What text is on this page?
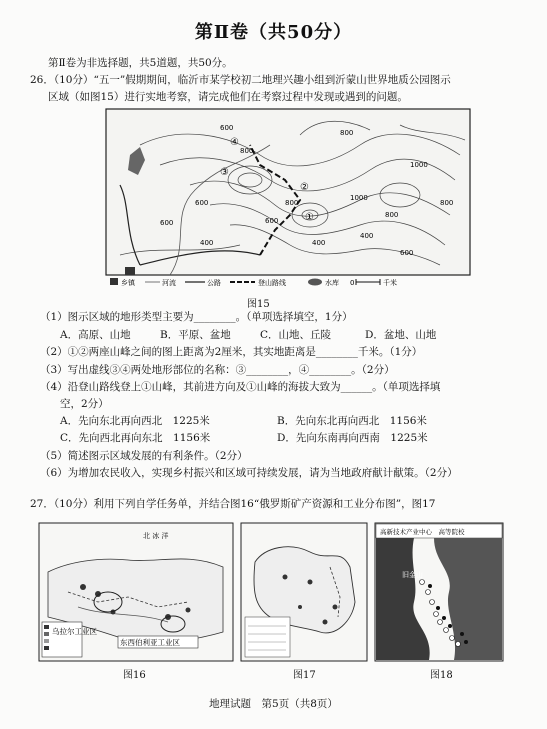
第Ⅱ卷（共50分）
第Ⅱ卷为非选择题，共5道题，共50分。
26．（10分）“五一”假期期间，临沂市某学校初二地理兴趣小组到沂蒙山世界地质公园图示
区域（如图15）进行实地考察，请完成他们在考察过程中发现或遇到的问题。
600
800
800
1000
1000
800
600
800
400
400
600	800
600
400
600
④
②
③
①
乡镇	河流	公路	登山路线	水库 0	千米
图15
（1）图示区域的地形类型主要为________。（单项选择填空，1分）
A．高原、山地	B．平原、盆地	C．山地、丘陵	D．盆地、山地
（2）①②两座山峰之间的图上距离为2厘米，其实地距离是________千米。（1分）
（3）写出虚线③④两处地形部位的名称：③________，④________。（2分）
（4）沿登山路线登上①山峰，其前进方向及①山峰的海拔大致为______。（单项选择填
空，2分）
A．先向东北再向西北　1225米	B．先向东北再向西北　1156米
C．先向西北再向东北　1156米	D．先向东南再向西南　1225米
（5）简述图示区域发展的有利条件。（2分）
（6）为增加农民收入，实现乡村振兴和区域可持续发展，请为当地政府献计献策。（2分）
27．（10分）利用下列自学任务单，并结合图16“俄罗斯矿产资源和工业分布图”，图17
北 冰 洋
乌拉尔工业区
东西伯利亚工业区
图16	图17
高新技术产业中心　高等院校
旧金山
图18
地理试题　第5页（共8页）
